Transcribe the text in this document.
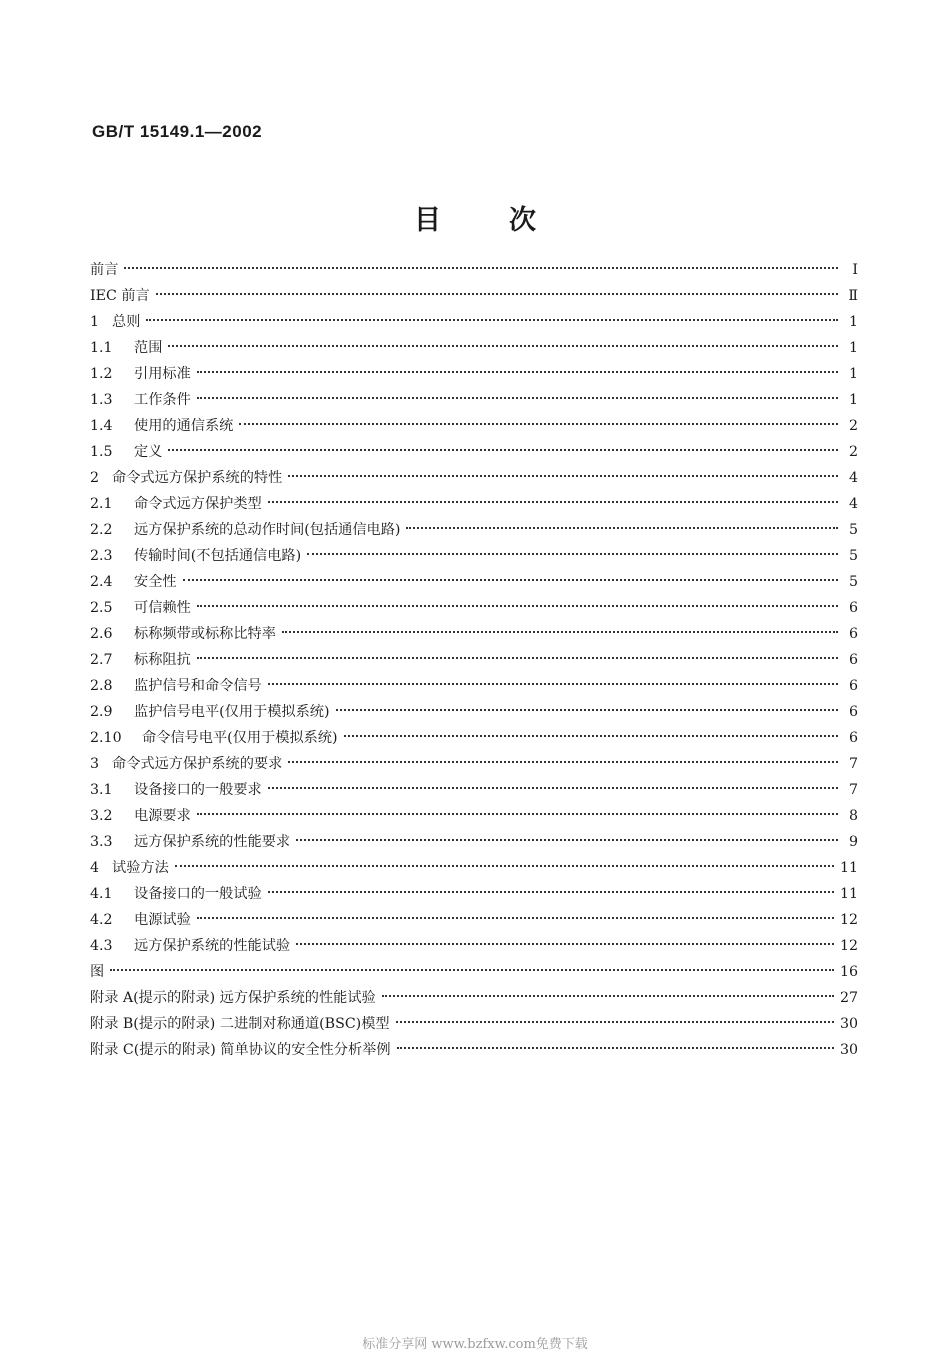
GB/T 15149.1—2002
目次
前言	I
IEC 前言	Ⅱ
1 总则	1
1.1	范围	1
1.2	引用标准	1
1.3	工作条件	1
1.4	使用的通信系统	2
1.5	定义	2
2 命令式远方保护系统的特性	4
2.1	命令式远方保护类型	4
2.2	远方保护系统的总动作时间(包括通信电路)	5
2.3	传输时间(不包括通信电路)	5
2.4	安全性	5
2.5	可信赖性	6
2.6	标称频带或标称比特率	6
2.7	标称阻抗	6
2.8	监护信号和命令信号	6
2.9	监护信号电平(仅用于模拟系统)	6
2.10	命令信号电平(仅用于模拟系统)	6
3 命令式远方保护系统的要求	7
3.1	设备接口的一般要求	7
3.2	电源要求	8
3.3	远方保护系统的性能要求	9
4 试验方法	11
4.1	设备接口的一般试验	11
4.2	电源试验	12
4.3	远方保护系统的性能试验	12
图	16
附录 A(提示的附录) 远方保护系统的性能试验	27
附录 B(提示的附录) 二进制对称通道(BSC)模型	30
附录 C(提示的附录) 简单协议的安全性分析举例	30
标准分享网 www.bzfxw.com免费下载
